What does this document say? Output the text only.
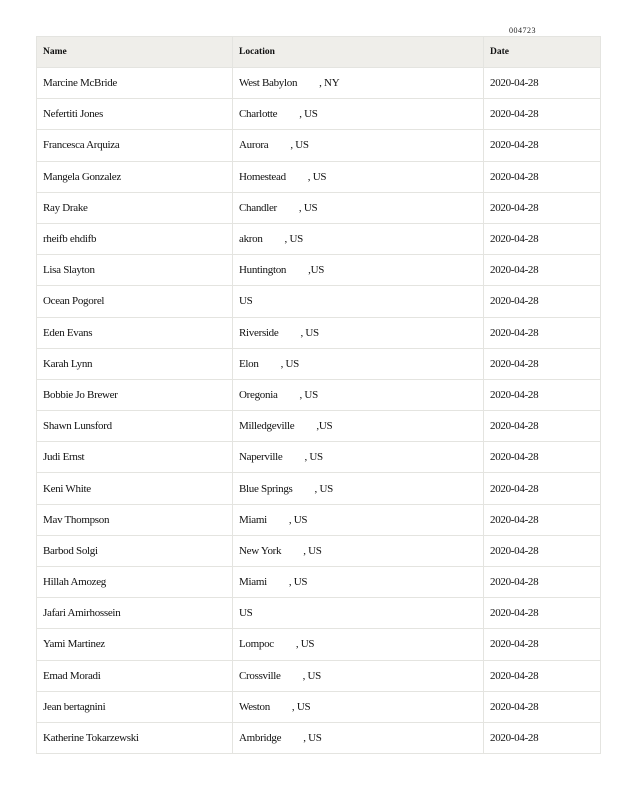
004723
Name	Location	Date
Marcine McBride	West Babylon , NY	2020-04-28
Nefertiti Jones	Charlotte , US	2020-04-28
Francesca Arquiza	Aurora , US	2020-04-28
Mangela Gonzalez	Homestead , US	2020-04-28
Ray Drake	Chandler , US	2020-04-28
rheifb ehdifb	akron , US	2020-04-28
Lisa Slayton	Huntington ,US	2020-04-28
Ocean Pogorel	US	2020-04-28
Eden Evans	Riverside , US	2020-04-28
Karah Lynn	Elon , US	2020-04-28
Bobbie Jo Brewer	Oregonia , US	2020-04-28
Shawn Lunsford	Milledgeville ,US	2020-04-28
Judi Ernst	Naperville , US	2020-04-28
Keni White	Blue Springs , US	2020-04-28
Mav Thompson	Miami , US	2020-04-28
Barbod Solgi	New York , US	2020-04-28
Hillah Amozeg	Miami , US	2020-04-28
Jafari Amirhossein	US	2020-04-28
Yami Martinez	Lompoc , US	2020-04-28
Emad Moradi	Crossville , US	2020-04-28
Jean bertagnini	Weston , US	2020-04-28
Katherine Tokarzewski	Ambridge , US	2020-04-28
